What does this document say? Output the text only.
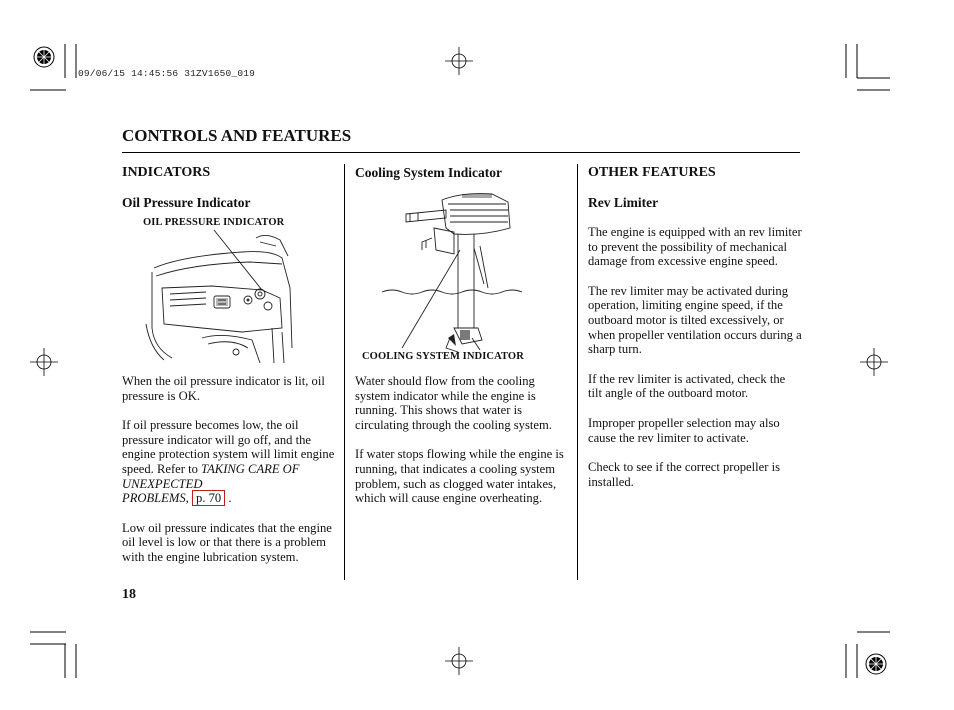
09/06/15 14:45:56 31ZV1650_019
CONTROLS AND FEATURES
INDICATORS
Oil Pressure Indicator
OIL PRESSURE INDICATOR

When the oil pressure indicator is lit, oil pressure is OK.

If oil pressure becomes low, the oil pressure indicator will go off, and the engine protection system will limit engine speed. Refer to TAKING CARE OF UNEXPECTED
PROBLEMS, p. 70 .

Low oil pressure indicates that the engine oil level is low or that there is a problem with the engine lubrication system.

Cooling System Indicator
COOLING SYSTEM INDICATOR

Water should flow from the cooling system indicator while the engine is running. This shows that water is circulating through the cooling system.

If water stops flowing while the engine is running, that indicates a cooling system problem, such as clogged water intakes, which will cause engine overheating.

OTHER FEATURES
Rev Limiter

The engine is equipped with an rev limiter to prevent the possibility of mechanical damage from excessive engine speed.

The rev limiter may be activated during operation, limiting engine speed, if the outboard motor is tilted excessively, or when propeller ventilation occurs during a sharp turn.

If the rev limiter is activated, check the tilt angle of the outboard motor.

Improper propeller selection may also cause the rev limiter to activate.

Check to see if the correct propeller is installed.

18
